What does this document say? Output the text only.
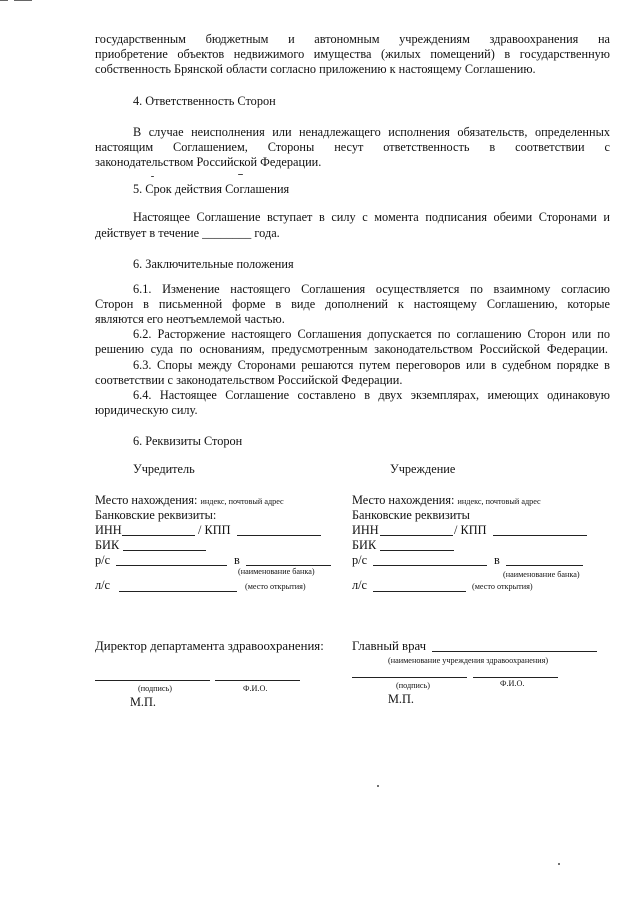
государственным бюджетным и автономным учреждениям здравоохранения на
приобретение объектов недвижимого имущества (жилых помещений) в государственную
собственность Брянской области согласно приложению к настоящему Соглашению.
4. Ответственность Сторон
В случае неисполнения или ненадлежащего исполнения обязательств, определенных
настоящим Соглашением, Стороны несут ответственность в соответствии с
законодательством Российской Федерации.
5. Срок действия Соглашения
Настоящее Соглашение вступает в силу с момента подписания обеими Сторонами и
действует в течение ________ года.
6. Заключительные положения
6.1. Изменение настоящего Соглашения осуществляется по взаимному согласию
Сторон в письменной форме в виде дополнений к настоящему Соглашению, которые
являются его неотъемлемой частью.
6.2. Расторжение настоящего Соглашения допускается по соглашению Сторон или по
решению суда по основаниям, предусмотренным законодательством Российской Федерации.
6.3. Споры между Сторонами решаются путем переговоров или в судебном порядке в
соответствии с законодательством Российской Федерации.
6.4. Настоящее Соглашение составлено в двух экземплярах, имеющих одинаковую
юридическую силу.
6. Реквизиты Сторон
Учредитель
Место нахождения: индекс, почтовый адрес
Банковские реквизиты:
ИНН	/ КПП
БИК
р/с	в
(наименование банка)
л/с	(место открытия)
Директор департамента здравоохранения:
(подпись)	Ф.И.О.
М.П.
Учреждение
Место нахождения: индекс, почтовый адрес
Банковские реквизиты
ИНН	/ КПП
БИК
р/с	в
(наименование банка)
л/с	(место открытия)
Главный врач
(наименование учреждения здравоохранения)
(подпись)	Ф.И.О.
М.П.
